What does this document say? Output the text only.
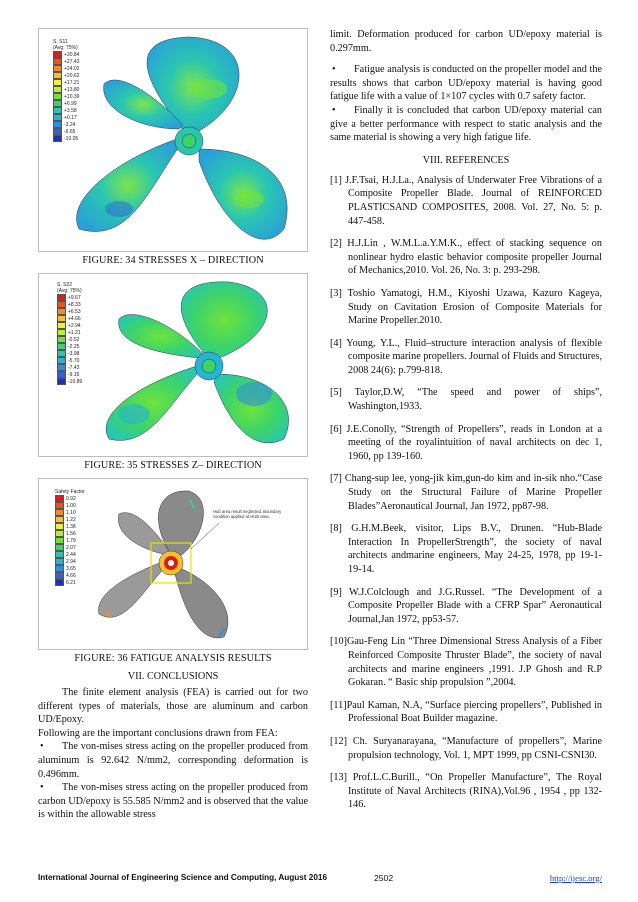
S, S11
(Avg: 75%)
+30.84
+27.43
+24.02
+20.62
+17.21
+13.80
+10.39
+6.99
+3.58
+0.17
-3.24
-6.65
-10.05
FIGURE: 34 STRESSES X – DIRECTION
S, S22
(Avg: 75%)
+9.67
+8.33
+6.53
+4.66
+2.94
+1.21
-0.52
-2.25
-3.98
-5.70
-7.43
-9.16
-10.89
FIGURE: 35 STRESSES Z– DIRECTION
Safety Factor
0.92
1.00
1.10
1.22
1.38
1.56
1.79
2.07
2.44
2.94
3.65
4.66
6.21
Hub area result neglected. Boundary condition applied at HUB area.
FIGURE: 36 FATIGUE ANALYSIS RESULTS
VII. CONCLUSIONS

The finite element analysis (FEA) is carried out for two different types of materials, those are aluminum and carbon UD/Epoxy.

Following are the important conclusions drawn from FEA:

• The von-mises stress acting on the propeller produced from aluminum is 92.642 N/mm2, corresponding deformation is 0.496mm.

• The von-mises stress acting on the propeller produced from carbon UD/epoxy is 55.585 N/mm2 and is observed that the value is within the allowable stress

limit. Deformation produced for carbon UD/epoxy material is 0.297mm.

• Fatigue analysis is conducted on the propeller model and the results shows that carbon UD/epoxy material is having good fatigue life with a value of 1×107 cycles with 0.7 safety factor.

• Finally it is concluded that carbon UD/epoxy material can give a better performance with respect to static analysis and the same material is showing a very high fatigue life.

VIII. REFERENCES

[1] J.F.Tsai, H.J.La., Analysis of Underwater Free Vibrations of a Composite Propeller Blade. Journal of REINFORCED PLASTICSAND COMPOSITES, 2008. Vol. 27, No. 5: p. 447-458.

[2] H.J.Lin , W.M.L.a.Y.M.K., effect of stacking sequence on nonlinear hydro elastic behavior composite propeller Journal of Mechanics,2010. Vol. 26, No. 3: p. 293-298.

[3] Toshio Yamatogi, H.M., Kiyoshi Uzawa, Kazuro Kageya, Study on Cavitation Erosion of Composite Materials for Marine Propeller.2010.

[4] Young, Y.L., Fluid–structure interaction analysis of flexible composite marine propellers. Journal of Fluids and Structures, 2008 24(6): p.799-818.

[5] Taylor,D.W, “The speed and power of ships”, Washington,1933.

[6] J.E.Conolly, “Strength of Propellers”, reads in London at a meeting of the royalintuition of naval architects on dec 1, 1960, pp 139-160.

[7] Chang-sup lee, yong-jik kim,gun-do kim and in-sik nho.“Case Study on the Structural Failure of Marine Propeller Blades”Aeronautical Journal, Jan 1972, pp87-98.

[8] G.H.M.Beek, visitor, Lips B.V., Drunen. “Hub-Blade Interaction In PropellerStrength”, the society of naval architects andmarine engineers, May 24-25, 1978, pp 19-1-19-14.

[9] W.J.Colclough and J.G.Russel. “The Development of a Composite Propeller Blade with a CFRP Spar” Aeronautical Journal,Jan 1972, pp53-57.

[10]Gau-Feng Lin “Three Dimensional Stress Analysis of a Fiber Reinforced Composite Thruster Blade”, the society of naval architects and marine engineers ,1991. J.P Ghosh and R.P Gokaran. “ Basic ship propulsion ”,2004.

[11]Paul Kaman, N.A, “Surface piercing propellers”, Published in Professional Boat Builder magazine.

[12] Ch. Suryanarayana, “Manufacture of propellers”, Marine propulsion technology, Vol. 1, MPT 1999, pp CSNI-CSNI30.

[13] Prof.L.C.Burill., “On Propeller Manufacture”, The Royal Institute of Naval Architects (RINA),Vol.96 , 1954 , pp 132-146.

International Journal of Engineering Science and Computing, August 2016	2502	http://ijesc.org/
